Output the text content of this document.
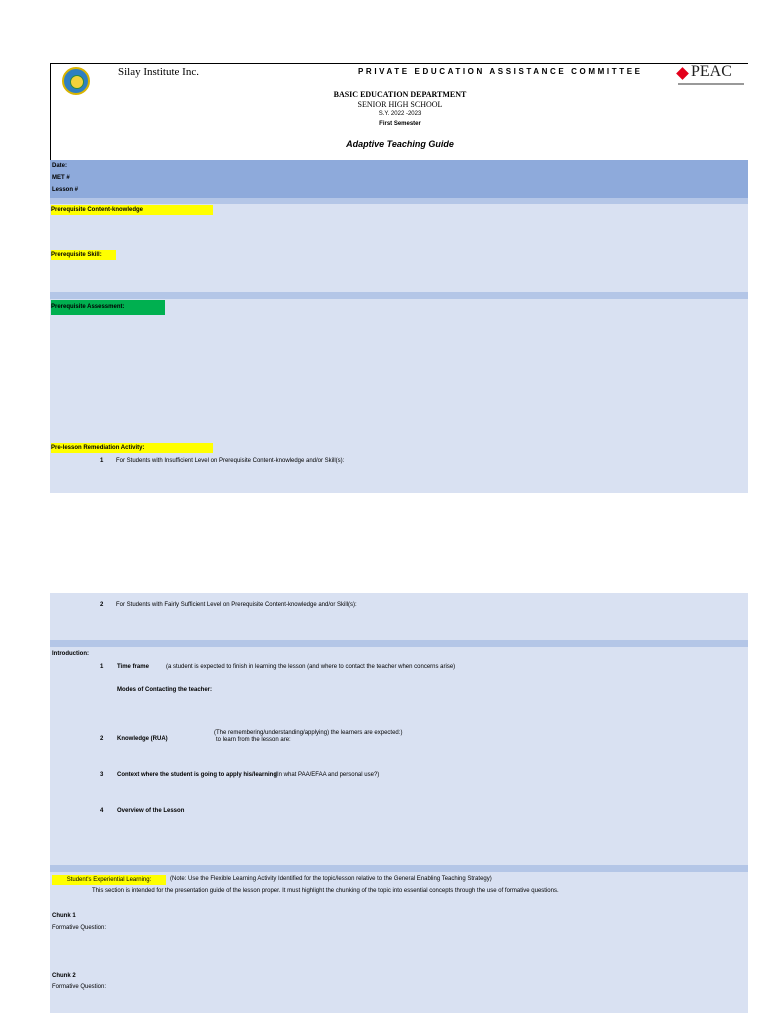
Silay Institute Inc.	PRIVATE EDUCATION ASSISTANCE COMMITTEE	PEAC
BASIC EDUCATION DEPARTMENT
SENIOR HIGH SCHOOL
S.Y. 2022 -2023
First Semester
Adaptive Teaching Guide
Date:
MET #
Lesson #
Prerequisite Content-knowledge
Prerequisite Skill:
Prerequisite Assessment:
Pre-lesson Remediation Activity:
1 For Students with Insufficient Level on Prerequisite Content-knowledge and/or Skill(s):
2 For Students with Fairly Sufficient Level on Prerequisite Content-knowledge and/or Skill(s):
Introduction:
1 Time frame	(a student is expected to finish in learning the lesson (and where to contact the teacher when concerns arise)
Modes of Contacting the teacher:
2 Knowledge (RUA)
(The remembering/understanding/applying) the learners are expected:)
to learn from the lesson are:
3 Context where the student is going to apply his/learning
(In what PAA/EFAA and personal use?)
4 Overview of the Lesson
Student's Experiential Learning:	(Note: Use the Flexible Learning Activity Identified for the topic/lesson relative to the General Enabling Teaching Strategy)
This section is intended for the presentation guide of the lesson proper. It must highlight the chunking of the topic into essential concepts through the use of formative questions.
Chunk 1
Formative Question:
Chunk 2
Formative Question:
